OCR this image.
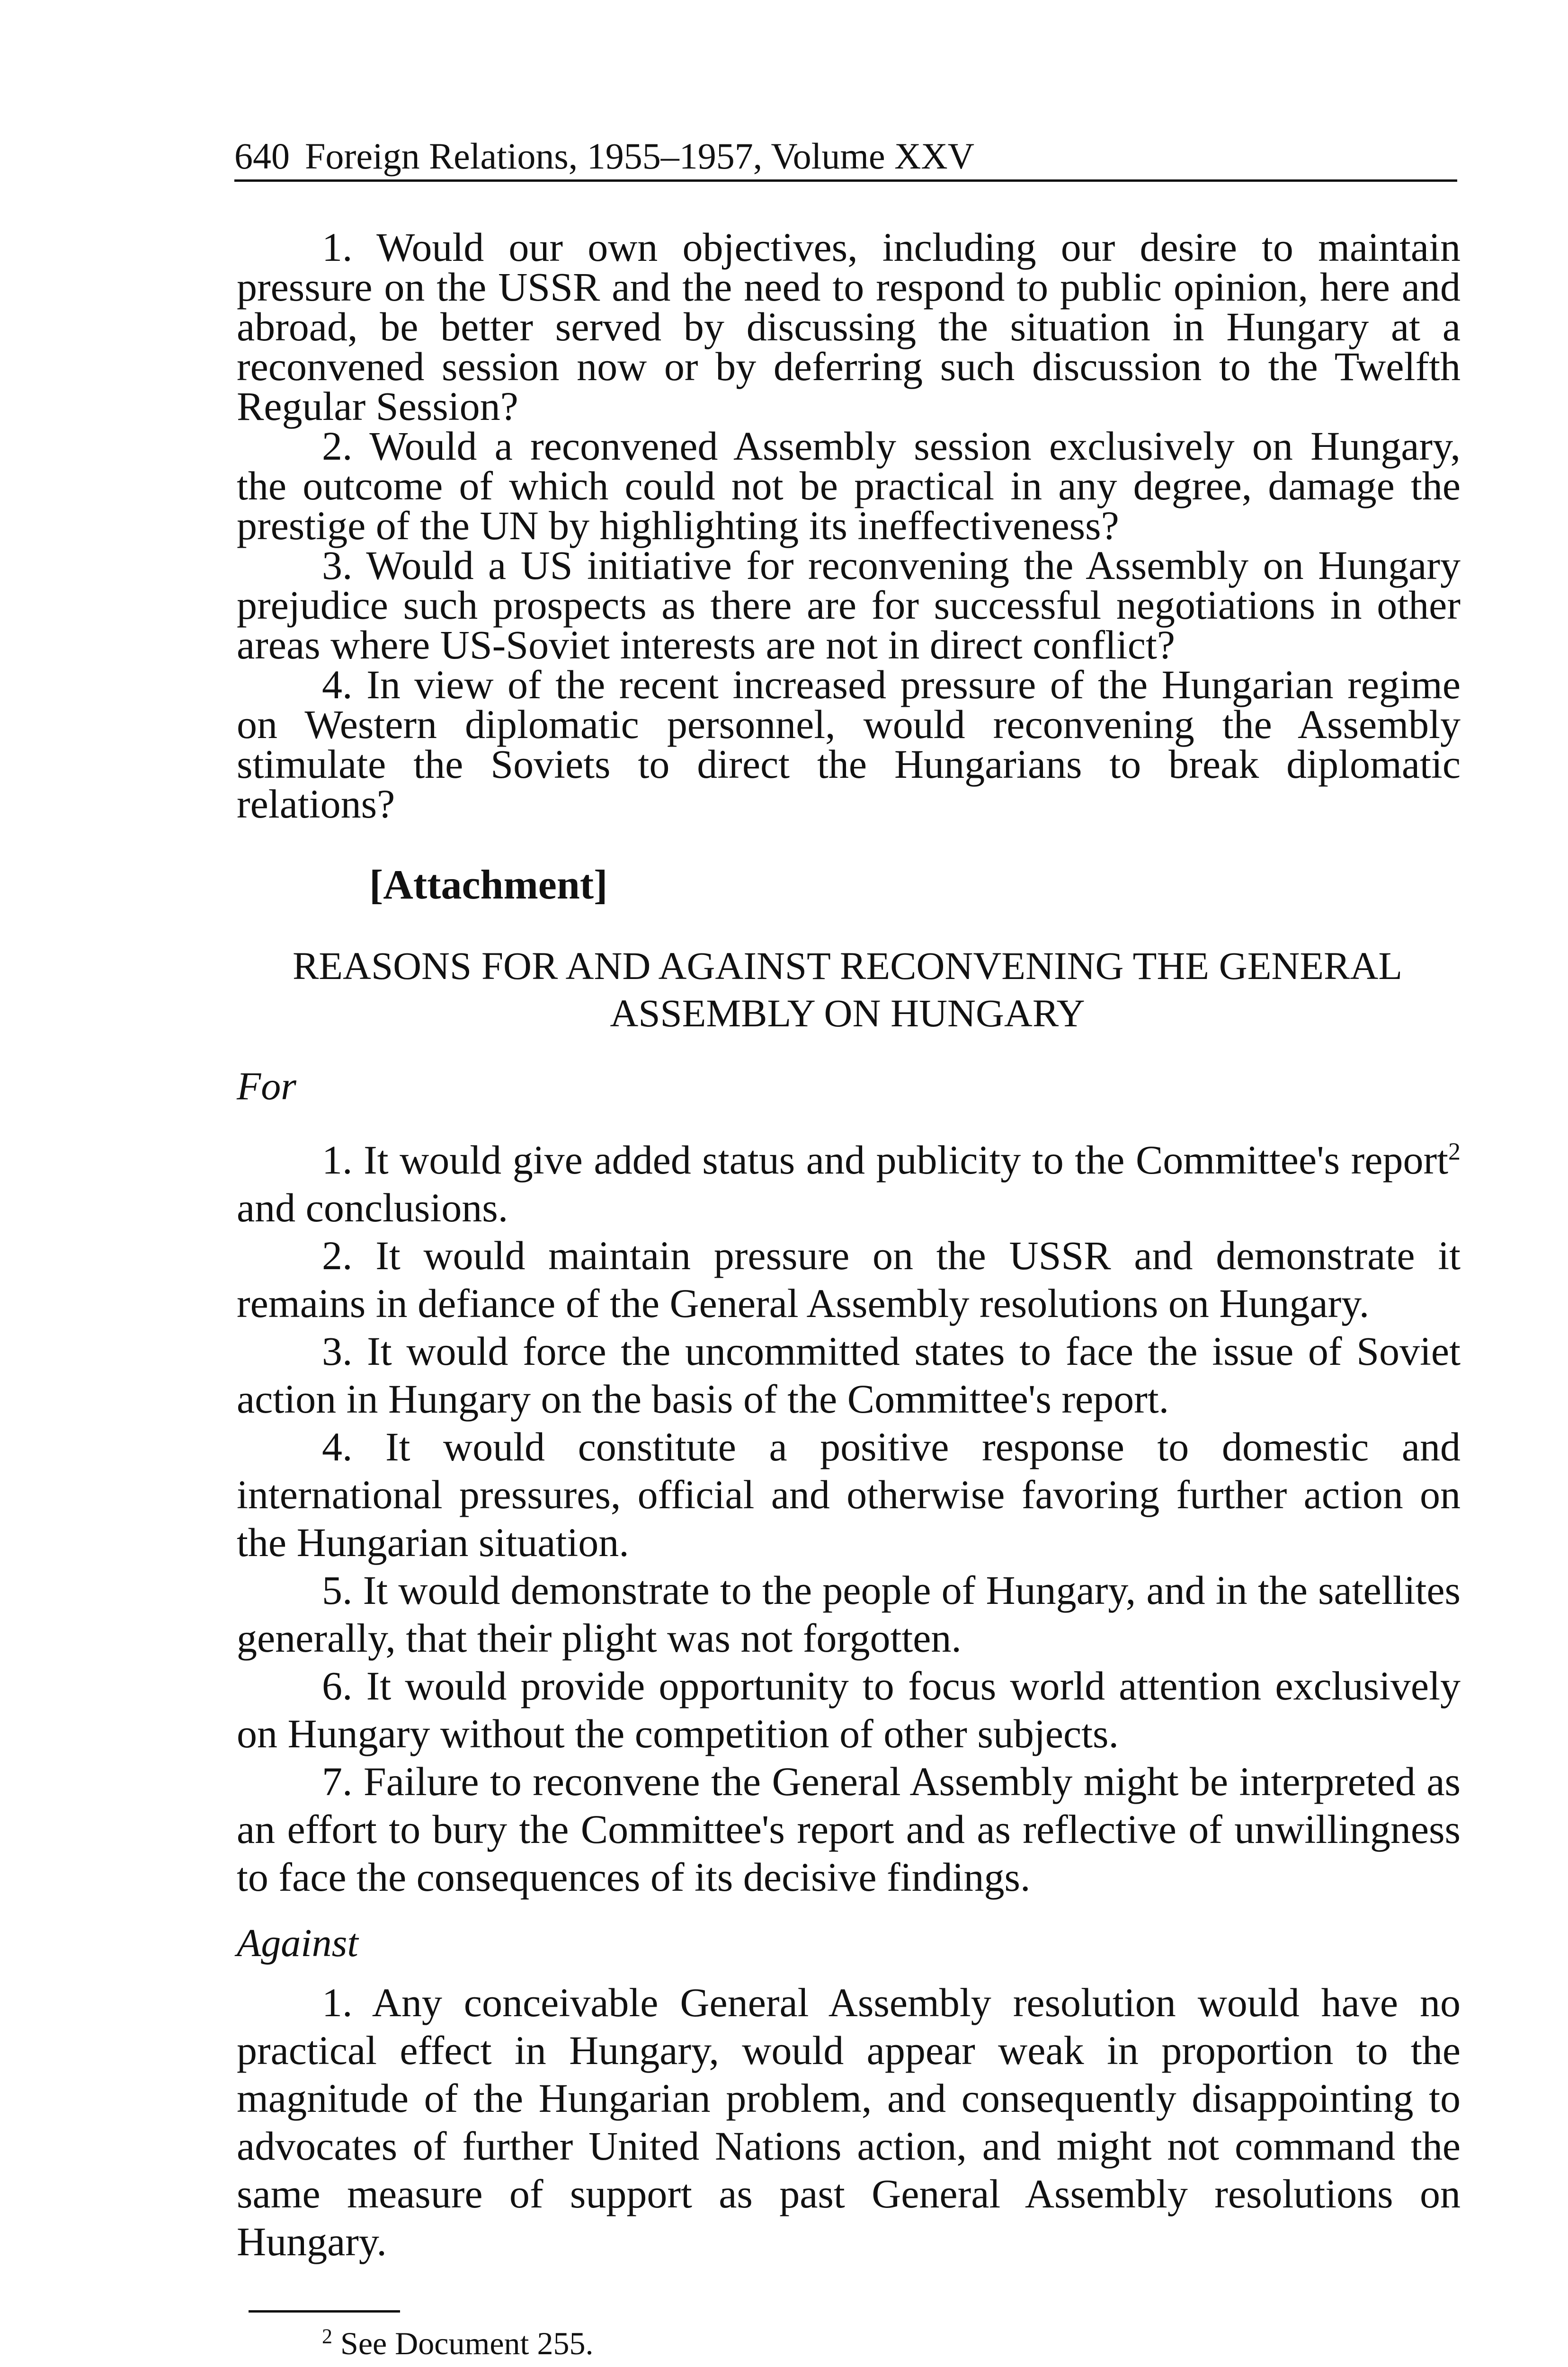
640 Foreign Relations, 1955–1957, Volume XXV

1. Would our own objectives, including our desire to maintain pressure on the USSR and the need to respond to public opinion, here and abroad, be better served by discussing the situation in Hungary at a reconvened session now or by deferring such discussion to the Twelfth Regular Session?

2. Would a reconvened Assembly session exclusively on Hungary, the outcome of which could not be practical in any degree, damage the prestige of the UN by highlighting its ineffectiveness?

3. Would a US initiative for reconvening the Assembly on Hungary prejudice such prospects as there are for successful negotiations in other areas where US-Soviet interests are not in direct conflict?

4. In view of the recent increased pressure of the Hungarian regime on Western diplomatic personnel, would reconvening the Assembly stimulate the Soviets to direct the Hungarians to break diplomatic relations?

[Attachment]
REASONS FOR AND AGAINST RECONVENING THE GENERAL
ASSEMBLY ON HUNGARY
For

1. It would give added status and publicity to the Committee's report$^2$ and conclusions.

2. It would maintain pressure on the USSR and demonstrate it remains in defiance of the General Assembly resolutions on Hungary.

3. It would force the uncommitted states to face the issue of Soviet action in Hungary on the basis of the Committee's report.

4. It would constitute a positive response to domestic and international pressures, official and otherwise favoring further action on the Hungarian situation.

5. It would demonstrate to the people of Hungary, and in the satellites generally, that their plight was not forgotten.

6. It would provide opportunity to focus world attention exclusively on Hungary without the competition of other subjects.

7. Failure to reconvene the General Assembly might be interpreted as an effort to bury the Committee's report and as reflective of unwillingness to face the consequences of its decisive findings.

Against

1. Any conceivable General Assembly resolution would have no practical effect in Hungary, would appear weak in proportion to the magnitude of the Hungarian problem, and consequently disappointing to advocates of further United Nations action, and might not command the same measure of support as past General Assembly resolutions on Hungary.

$^2$ See Document 255.
